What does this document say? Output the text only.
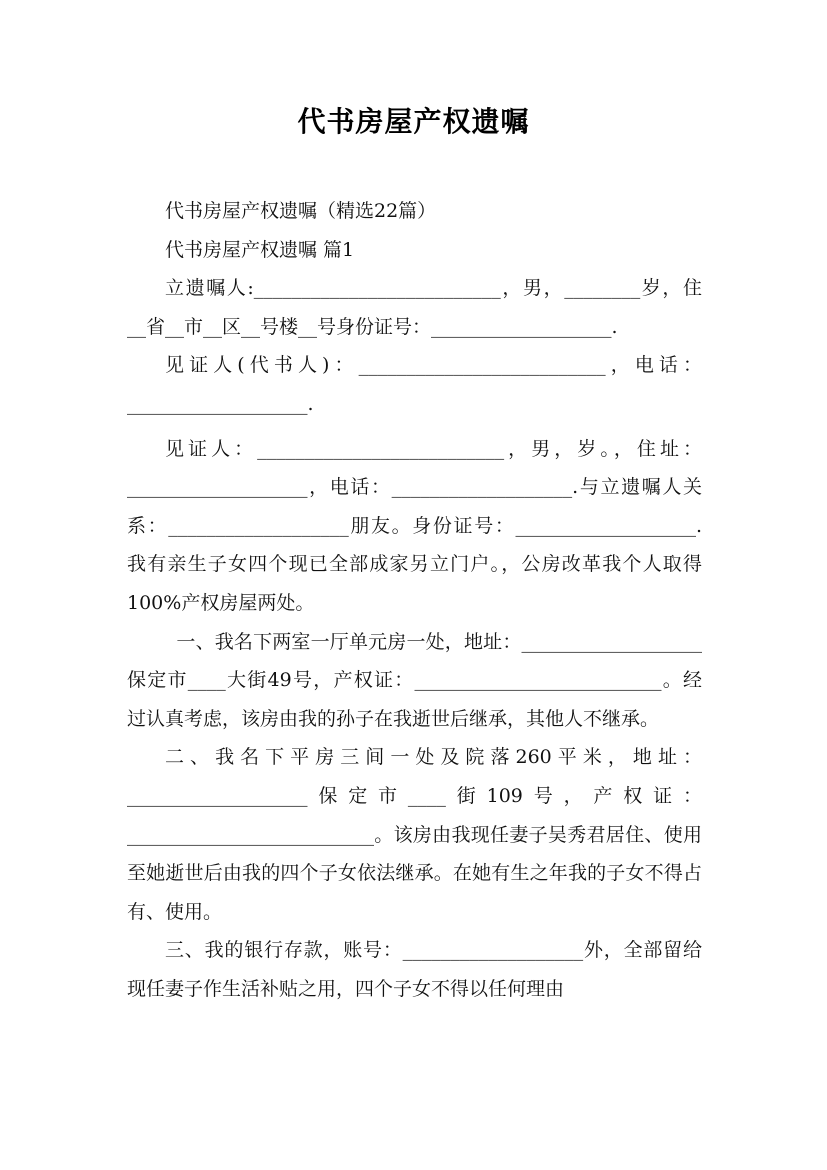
代书房屋产权遗嘱

代书房屋产权遗嘱（精选22篇）

代书房屋产权遗嘱 篇1

立遗嘱人:__________________________，男，________岁，住__省__市__区__号楼__号身份证号：___________________.

见证人(代书人)：__________________________，电话：___________________.

见证人：__________________________，男，岁。，住址：___________________，电话：___________________.与立遗嘱人关系：___________________朋友。身份证号：___________________.我有亲生子女四个现已全部成家另立门户。，公房改革我个人取得100%产权房屋两处。

一、我名下两室一厅单元房一处，地址：___________________保定市____大街49号，产权证：__________________________。经过认真考虑，该房由我的孙子在我逝世后继承，其他人不继承。

二、我名下平房三间一处及院落260平米，地址：___________________保定市____街109号，产权证：__________________________。该房由我现任妻子吴秀君居住、使用至她逝世后由我的四个子女依法继承。在她有生之年我的子女不得占有、使用。

三、我的银行存款，账号：___________________外，全部留给现任妻子作生活补贴之用，四个子女不得以任何理由
